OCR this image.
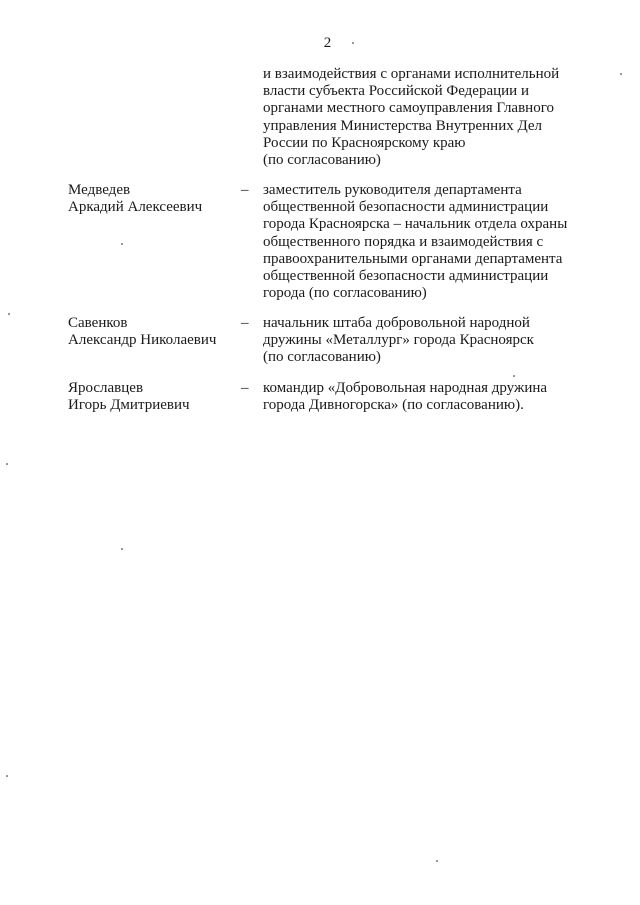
2
и взаимодействия с органами исполнительной
власти субъекта Российской Федерации и
органами местного самоуправления Главного
управления Министерства Внутренних Дел
России по Красноярскому краю
(по согласованию)
Медведев
Аркадий Алексеевич
– заместитель руководителя департамента
общественной безопасности администрации
города Красноярска – начальник отдела охраны
общественного порядка и взаимодействия с
правоохранительными органами департамента
общественной безопасности администрации
города (по согласованию)
Савенков
Александр Николаевич
– начальник штаба добровольной народной
дружины «Металлург» города Красноярск
(по согласованию)
Ярославцев
Игорь Дмитриевич
– командир «Добровольная народная дружина
города Дивногорска» (по согласованию).
